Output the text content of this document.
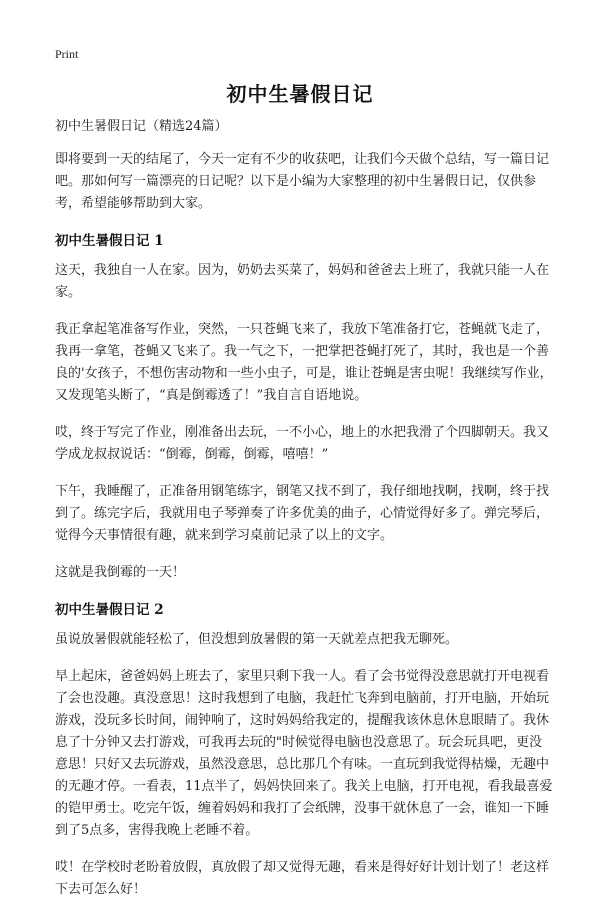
Print
初中生暑假日记

初中生暑假日记（精选24篇）

即将要到一天的结尾了，今天一定有不少的收获吧，让我们今天做个总结，写一篇日记吧。那如何写一篇漂亮的日记呢？以下是小编为大家整理的初中生暑假日记，仅供参考，希望能够帮助到大家。

初中生暑假日记 1

这天，我独自一人在家。因为，奶奶去买菜了，妈妈和爸爸去上班了，我就只能一人在家。

我正拿起笔准备写作业，突然，一只苍蝇飞来了，我放下笔准备打它，苍蝇就飞走了，我再一拿笔，苍蝇又飞来了。我一气之下，一把掌把苍蝇打死了，其时，我也是一个善良的'女孩子，不想伤害动物和一些小虫子，可是，谁让苍蝇是害虫呢！我继续写作业，又发现笔头断了，“真是倒霉透了！”我自言自语地说。

哎，终于写完了作业，刚准备出去玩，一不小心，地上的水把我滑了个四脚朝天。我又学成龙叔叔说话：“倒霉，倒霉，倒霉，嘻嘻！”

下午，我睡醒了，正准备用钢笔练字，钢笔又找不到了，我仔细地找啊，找啊，终于找到了。练完字后，我就用电子琴弹奏了许多优美的曲子，心情觉得好多了。弹完琴后，觉得今天事情很有趣，就来到学习桌前记录了以上的文字。

这就是我倒霉的一天！

初中生暑假日记 2

虽说放暑假就能轻松了，但没想到放暑假的第一天就差点把我无聊死。

早上起床，爸爸妈妈上班去了，家里只剩下我一人。看了会书觉得没意思就打开电视看了会也没趣。真没意思！这时我想到了电脑，我赶忙飞奔到电脑前，打开电脑，开始玩游戏，没玩多长时间，闹钟响了，这时妈妈给我定的，提醒我该休息休息眼睛了。我休息了十分钟又去打游戏，可我再去玩的"时候觉得电脑也没意思了。玩会玩具吧，更没意思！只好又去玩游戏，虽然没意思，总比那几个有味。一直玩到我觉得枯燥，无趣中的无趣才停。一看表，11点半了，妈妈快回来了。我关上电脑，打开电视，看我最喜爱的铠甲勇士。吃完午饭，缠着妈妈和我打了会纸牌，没事干就休息了一会，谁知一下睡到了5点多，害得我晚上老睡不着。

哎！在学校时老盼着放假，真放假了却又觉得无趣，看来是得好好计划计划了！老这样下去可怎么好！
